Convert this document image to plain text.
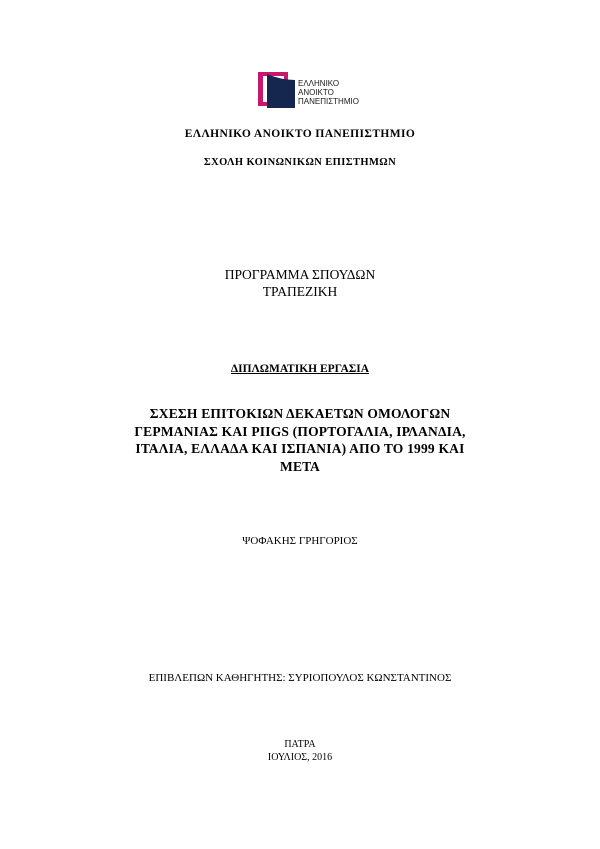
ΕΛΛΗΝΙΚΟ
ΑΝΟΙΚΤΟ
ΠΑΝΕΠΙΣΤΗΜΙΟ
ΕΛΛΗΝΙΚΟ ΑΝΟΙΚΤΟ ΠΑΝΕΠΙΣΤΗΜΙΟ
ΣΧΟΛΗ ΚΟΙΝΩΝΙΚΩΝ ΕΠΙΣΤΗΜΩΝ
ΠΡΟΓΡΑΜΜΑ ΣΠΟΥΔΩΝ
ΤΡΑΠΕΖΙΚΗ
ΔΙΠΛΩΜΑΤΙΚΗ ΕΡΓΑΣΙΑ
ΣΧΕΣΗ ΕΠΙΤΟΚΙΩΝ ΔΕΚΑΕΤΩΝ ΟΜΟΛΟΓΩΝ
ΓΕΡΜΑΝΙΑΣ ΚΑΙ PIIGS (ΠΟΡΤΟΓΑΛΙΑ, ΙΡΛΑΝΔΙΑ,
ΙΤΑΛΙΑ, ΕΛΛΑΔΑ ΚΑΙ ΙΣΠΑΝΙΑ) ΑΠΟ ΤΟ 1999 ΚΑΙ
ΜΕΤΑ
ΨΟΦΑΚΗΣ ΓΡΗΓΟΡΙΟΣ
ΕΠΙΒΛΕΠΩΝ ΚΑΘΗΓΗΤΗΣ: ΣΥΡΙΟΠΟΥΛΟΣ ΚΩΝΣΤΑΝΤΙΝΟΣ
ΠΑΤΡΑ
ΙΟΥΛΙΟΣ, 2016
